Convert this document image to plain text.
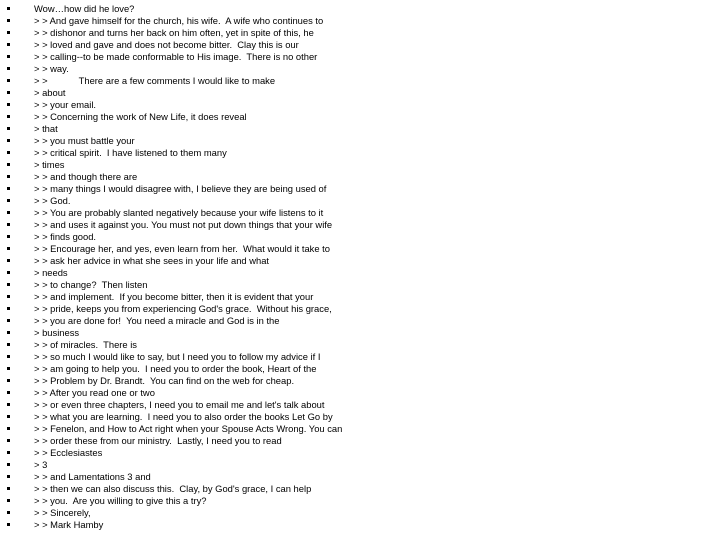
Wow…how did he love?
> > And gave himself for the church, his wife.  A wife who continues to
> > dishonor and turns her back on him often, yet in spite of this, he
> > loved and gave and does not become bitter.  Clay this is our
> > calling--to be made conformable to His image.  There is no other
> > way.
> >            There are a few comments I would like to make
> about
> > your email.
> > Concerning the work of New Life, it does reveal
> that
> > you must battle your
> > critical spirit.  I have listened to them many
> times
> > and though there are
> > many things I would disagree with, I believe they are being used of
> > God.
> > You are probably slanted negatively because your wife listens to it
> > and uses it against you. You must not put down things that your wife
> > finds good.
> > Encourage her, and yes, even learn from her.  What would it take to
> > ask her advice in what she sees in your life and what
> needs
> > to change?  Then listen
> > and implement.  If you become bitter, then it is evident that your
> > pride, keeps you from experiencing God's grace.  Without his grace,
> > you are done for!  You need a miracle and God is in the
> business
> > of miracles.  There is
> > so much I would like to say, but I need you to follow my advice if I
> > am going to help you.  I need you to order the book, Heart of the
> > Problem by Dr. Brandt.  You can find on the web for cheap.
> > After you read one or two
> > or even three chapters, I need you to email me and let's talk about
> > what you are learning.  I need you to also order the books Let Go by
> > Fenelon, and How to Act right when your Spouse Acts Wrong. You can
> > order these from our ministry.  Lastly, I need you to read
> > Ecclesiastes
> 3
> > and Lamentations 3 and
> > then we can also discuss this.  Clay, by God's grace, I can help
> > you.  Are you willing to give this a try?
> > Sincerely,
> > Mark Hamby
